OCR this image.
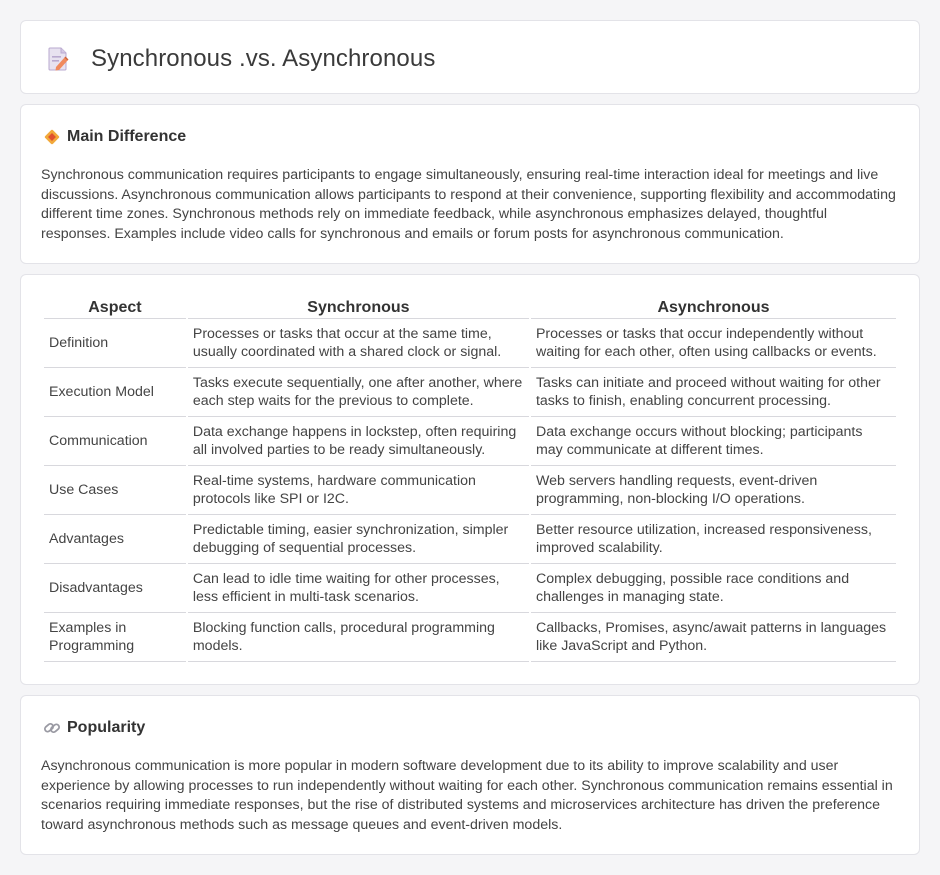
Synchronous .vs. Asynchronous
Main Difference

Synchronous communication requires participants to engage simultaneously, ensuring real-time interaction ideal for meetings and live discussions. Asynchronous communication allows participants to respond at their convenience, supporting flexibility and accommodating different time zones. Synchronous methods rely on immediate feedback, while asynchronous emphasizes delayed, thoughtful responses. Examples include video calls for synchronous and emails or forum posts for asynchronous communication.

Aspect	Synchronous	Asynchronous
Definition	Processes or tasks that occur at the same time, usually coordinated with a shared clock or signal.	Processes or tasks that occur independently without waiting for each other, often using callbacks or events.
Execution Model	Tasks execute sequentially, one after another, where each step waits for the previous to complete.	Tasks can initiate and proceed without waiting for other tasks to finish, enabling concurrent processing.
Communication	Data exchange happens in lockstep, often requiring all involved parties to be ready simultaneously.	Data exchange occurs without blocking; participants may communicate at different times.
Use Cases	Real-time systems, hardware communication protocols like SPI or I2C.	Web servers handling requests, event-driven programming, non-blocking I/O operations.
Advantages	Predictable timing, easier synchronization, simpler debugging of sequential processes.	Better resource utilization, increased responsiveness, improved scalability.
Disadvantages	Can lead to idle time waiting for other processes, less efficient in multi-task scenarios.	Complex debugging, possible race conditions and challenges in managing state.
Examples in Programming	Blocking function calls, procedural programming models.	Callbacks, Promises, async/await patterns in languages like JavaScript and Python.
Popularity

Asynchronous communication is more popular in modern software development due to its ability to improve scalability and user experience by allowing processes to run independently without waiting for each other. Synchronous communication remains essential in scenarios requiring immediate responses, but the rise of distributed systems and microservices architecture has driven the preference toward asynchronous methods such as message queues and event-driven models.
